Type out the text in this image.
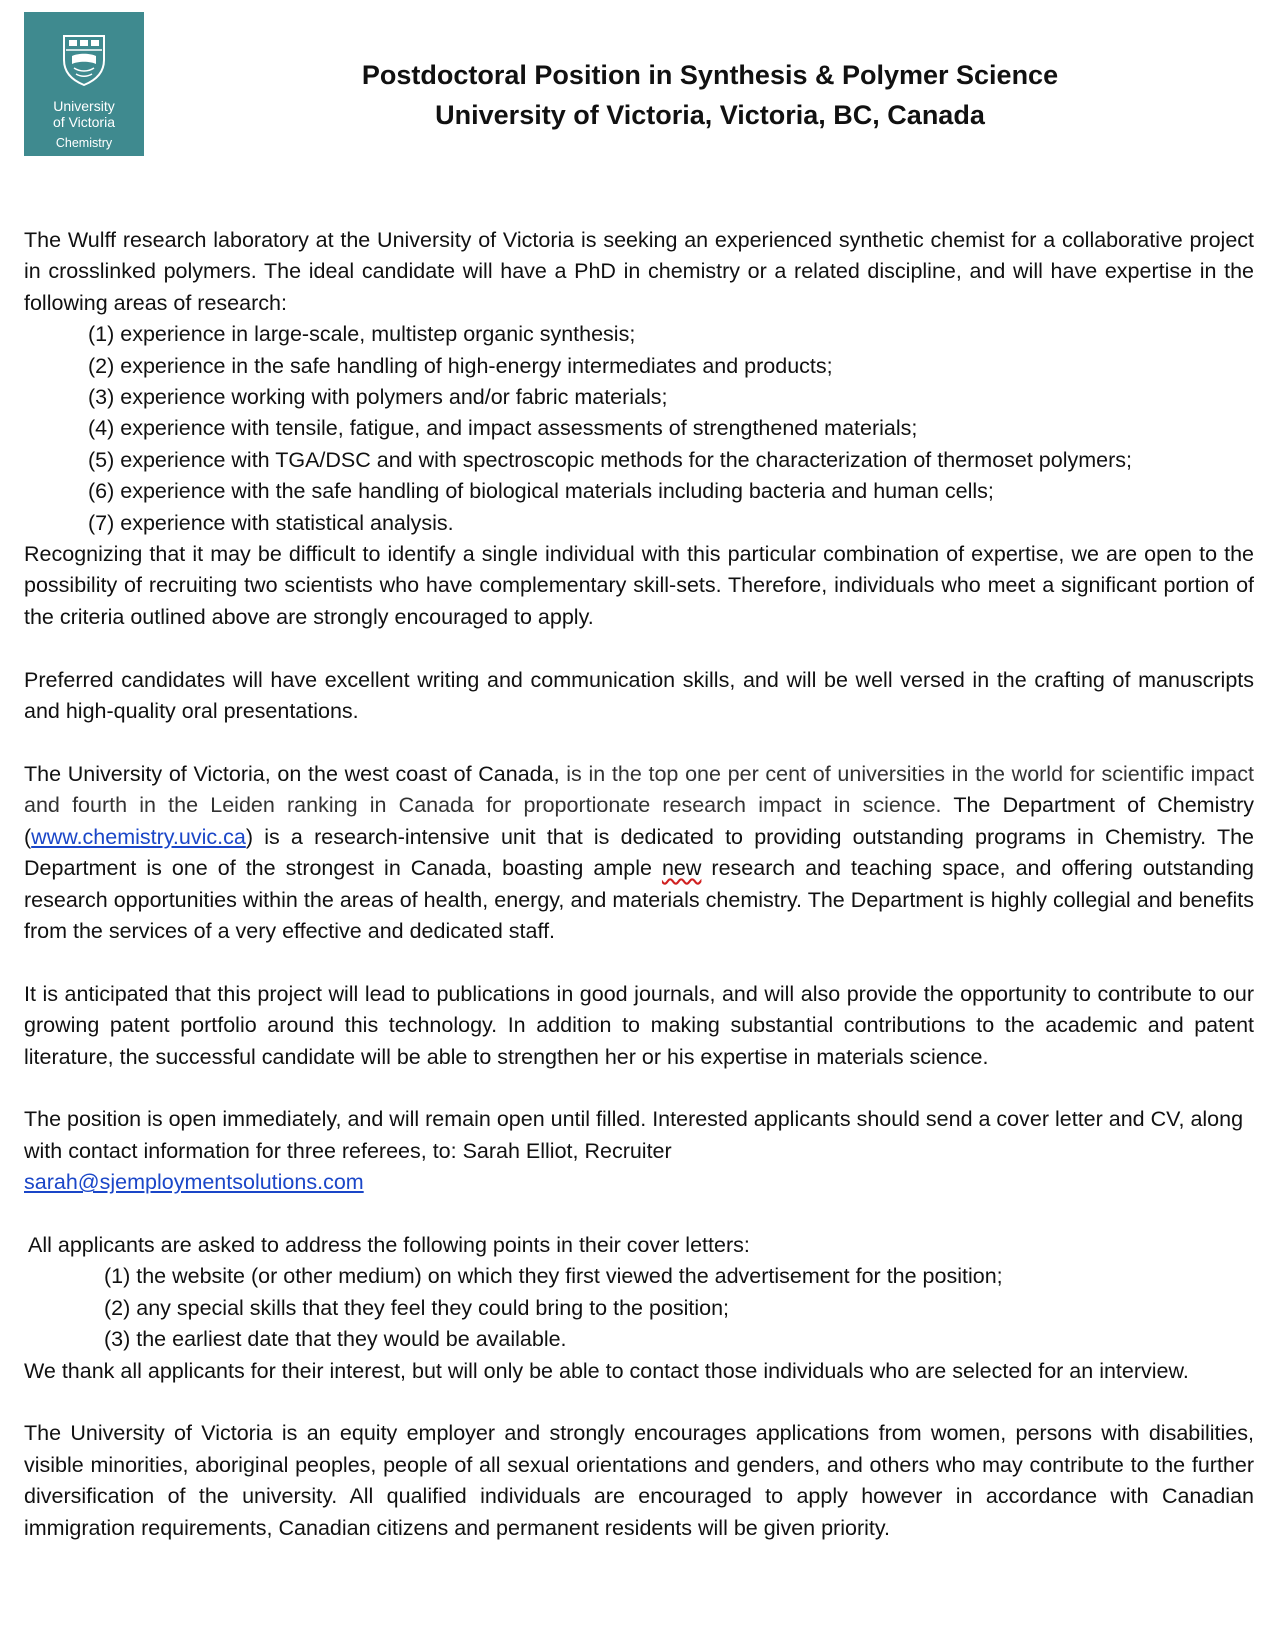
University
of Victoria
Chemistry
Postdoctoral Position in Synthesis & Polymer Science
University of Victoria, Victoria, BC, Canada

The Wulff research laboratory at the University of Victoria is seeking an experienced synthetic chemist for a collaborative project in crosslinked polymers. The ideal candidate will have a PhD in chemistry or a related discipline, and will have expertise in the following areas of research:

(1) experience in large-scale, multistep organic synthesis;
(2) experience in the safe handling of high-energy intermediates and products;
(3) experience working with polymers and/or fabric materials;
(4) experience with tensile, fatigue, and impact assessments of strengthened materials;
(5) experience with TGA/DSC and with spectroscopic methods for the characterization of thermoset polymers;
(6) experience with the safe handling of biological materials including bacteria and human cells;
(7) experience with statistical analysis.

Recognizing that it may be difficult to identify a single individual with this particular combination of expertise, we are open to the possibility of recruiting two scientists who have complementary skill-sets. Therefore, individuals who meet a significant portion of the criteria outlined above are strongly encouraged to apply.

Preferred candidates will have excellent writing and communication skills, and will be well versed in the crafting of manuscripts and high-quality oral presentations.

The University of Victoria, on the west coast of Canada, is in the top one per cent of universities in the world for scientific impact and fourth in the Leiden ranking in Canada for proportionate research impact in science. The Department of Chemistry (www.chemistry.uvic.ca) is a research-intensive unit that is dedicated to providing outstanding programs in Chemistry. The Department is one of the strongest in Canada, boasting ample new research and teaching space, and offering outstanding research opportunities within the areas of health, energy, and materials chemistry. The Department is highly collegial and benefits from the services of a very effective and dedicated staff.

It is anticipated that this project will lead to publications in good journals, and will also provide the opportunity to contribute to our growing patent portfolio around this technology. In addition to making substantial contributions to the academic and patent literature, the successful candidate will be able to strengthen her or his expertise in materials science.

The position is open immediately, and will remain open until filled. Interested applicants should send a cover letter and CV, along with contact information for three referees, to: Sarah Elliot, Recruiter
sarah@sjemploymentsolutions.com

All applicants are asked to address the following points in their cover letters:

(1) the website (or other medium) on which they first viewed the advertisement for the position;
(2) any special skills that they feel they could bring to the position;
(3) the earliest date that they would be available.

We thank all applicants for their interest, but will only be able to contact those individuals who are selected for an interview.

The University of Victoria is an equity employer and strongly encourages applications from women, persons with disabilities, visible minorities, aboriginal peoples, people of all sexual orientations and genders, and others who may contribute to the further diversification of the university. All qualified individuals are encouraged to apply however in accordance with Canadian immigration requirements, Canadian citizens and permanent residents will be given priority.
